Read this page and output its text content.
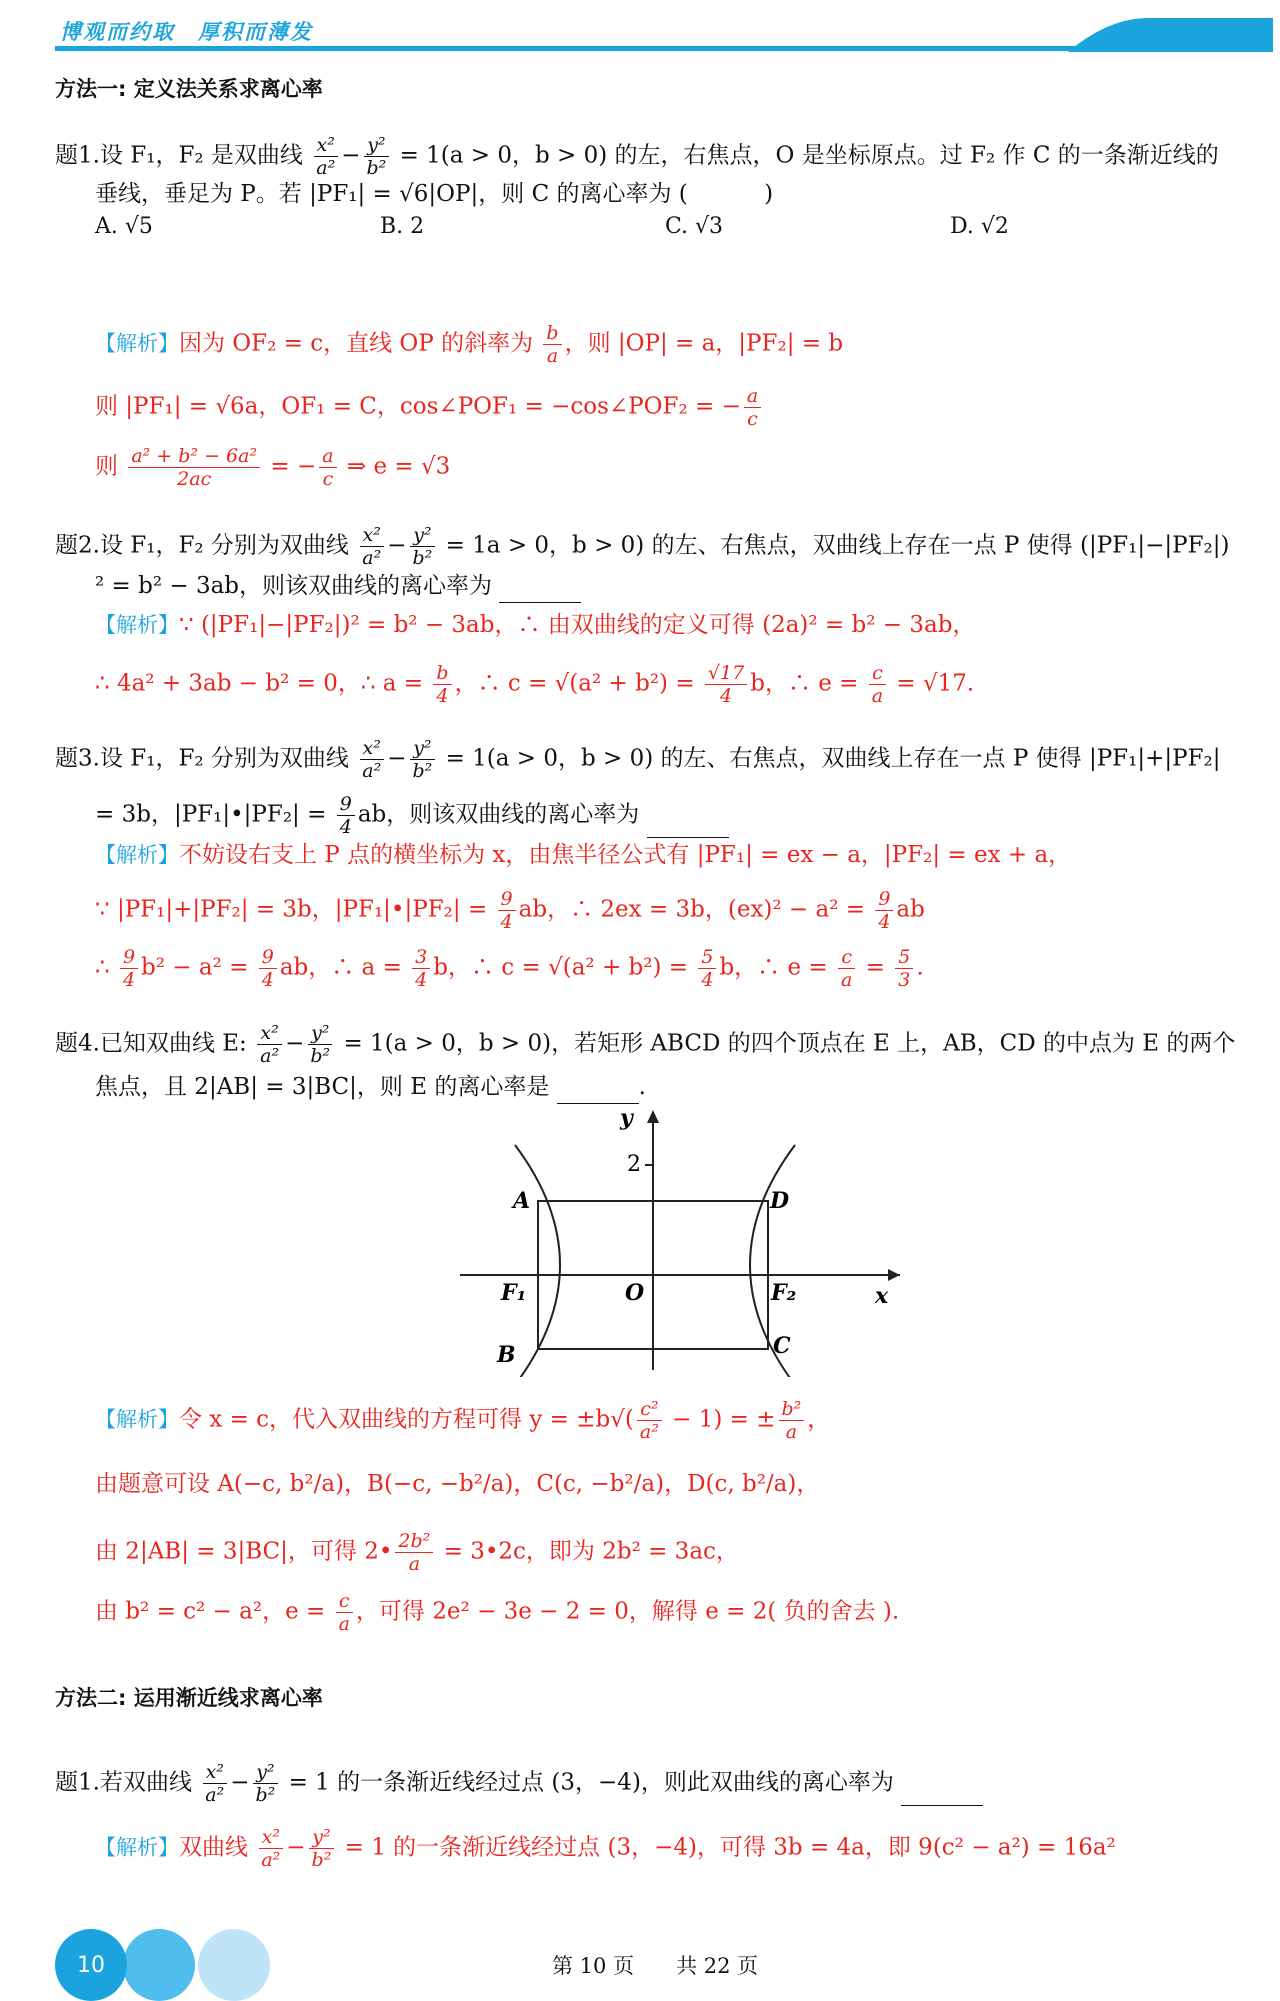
博观而约取　厚积而薄发
方法一: 定义法关系求离心率
题1.设 F₁，F₂ 是双曲线 $\frac{\text{x²}}{\text{a²}} - \frac{\text{y²}}{\text{b²}} = 1(a > 0$，b > 0) 的左，右焦点，O 是坐标原点。过 F₂ 作 C 的一条渐近线的
垂线，垂足为 P。若 |PF₁| = √6|OP|，则 C 的离心率为 (　　　 )
A. √5	B. 2	C. √3	D. √2
【解析】因为 OF₂ = c，直线 OP 的斜率为 $\frac{b}{a}$ ，则 |OP| = a，|PF₂| = b
则 |PF₁| = √6a，OF₁ = C，cos∠POF₁ = −cos∠POF₂ = − $\frac{a}{c}$
则 $\frac{\text{a² + b² − 6a²}}{2ac}$ = − $\frac{a}{c}$ ⇒ e = √3
题2.设 F₁，F₂ 分别为双曲线 $\frac{\text{x²}}{\text{a²}} - \frac{\text{y²}}{\text{b²}} = 1a > 0$，b > 0) 的左、右焦点，双曲线上存在一点 P 使得 (|PF₁|−|PF₂|)
² = b² − 3ab，则该双曲线的离心率为
【解析】∵ (|PF₁|−|PF₂|)² = b² − 3ab，∴ 由双曲线的定义可得 (2a)² = b² − 3ab，
∴ 4a² + 3ab − b² = 0，∴ $a = \frac{b}{4}$ ，∴ $c = √(a^2 + b^2) = \frac{√17}{4}$ b，∴ $e = \frac{c}{a} = √17$.
题3.设 F₁，F₂ 分别为双曲线 $\frac{\text{x²}}{\text{a²}} - \frac{\text{y²}}{\text{b²}} = 1(a > 0$，b > 0) 的左、右焦点，双曲线上存在一点 P 使得 |PF₁|+|PF₂|
= 3b，|PF₁|•|PF₂| = $\frac{9}{4}$ ab，则该双曲线的离心率为
【解析】不妨设右支上 P 点的横坐标为 x，由焦半径公式有 |PF₁| = ex − a，|PF₂| = ex + a，
∵ |PF₁|+|PF₂| = 3b，|PF₁|•|PF₂| = $\frac{9}{4}$ ab，∴ 2ex = 3b，$(ex)^2 - a^2 = \frac{9}{4}$ ab
∴ $\frac{9}{4} b^2 - a^2 = \frac{9}{4}$ ab，∴ $a = \frac{3}{4}$ b，∴ $c = √(a^2 + b^2) = \frac{5}{4}$ b，∴ $e = \frac{c}{a} = \frac{5}{3}$ .
题4.已知双曲线 E: $\frac{\text{x²}}{\text{a²}} - \frac{\text{y²}}{\text{b²}} = 1(a > 0$，b > 0)，若矩形 ABCD 的四个顶点在 E 上，AB，CD 的中点为 E 的两个
焦点，且 2|AB| = 3|BC|，则 E 的离心率是	.
y
2
O	x
A	D
B	C
F₁	F₂
【解析】令 x = c，代入双曲线的方程可得 $y = \pm b√( \frac{\text{c²}}{\text{a²}} - 1)$ = ± $\frac{\text{b²}}{a}$ ，
由题意可设 A(−c, b²/a)，B(−c, −b²/a)，C(c, −b²/a)，D(c, b²/a)，
由 2|AB| = 3|BC|，可得 2• $\frac{\text{2b²}}{a}$ = 3•2c，即为 2b² = 3ac，
由 b² = c² − a²，$e = \frac{c}{a}$ ，可得 2e² − 3e − 2 = 0，解得 e = 2( 负的舍去 ).
方法二: 运用渐近线求离心率
题1.若双曲线 $\frac{\text{x²}}{\text{a²}} - \frac{\text{y²}}{\text{b²}} = 1$ 的一条渐近线经过点 (3，−4)，则此双曲线的离心率为
【解析】双曲线 $\frac{\text{x²}}{\text{a²}} - \frac{\text{y²}}{\text{b²}} = 1$ 的一条渐近线经过点 (3，−4)，可得 3b = 4a，即 9(c² − a²) = 16a²
10	第 10 页　　共 22 页
